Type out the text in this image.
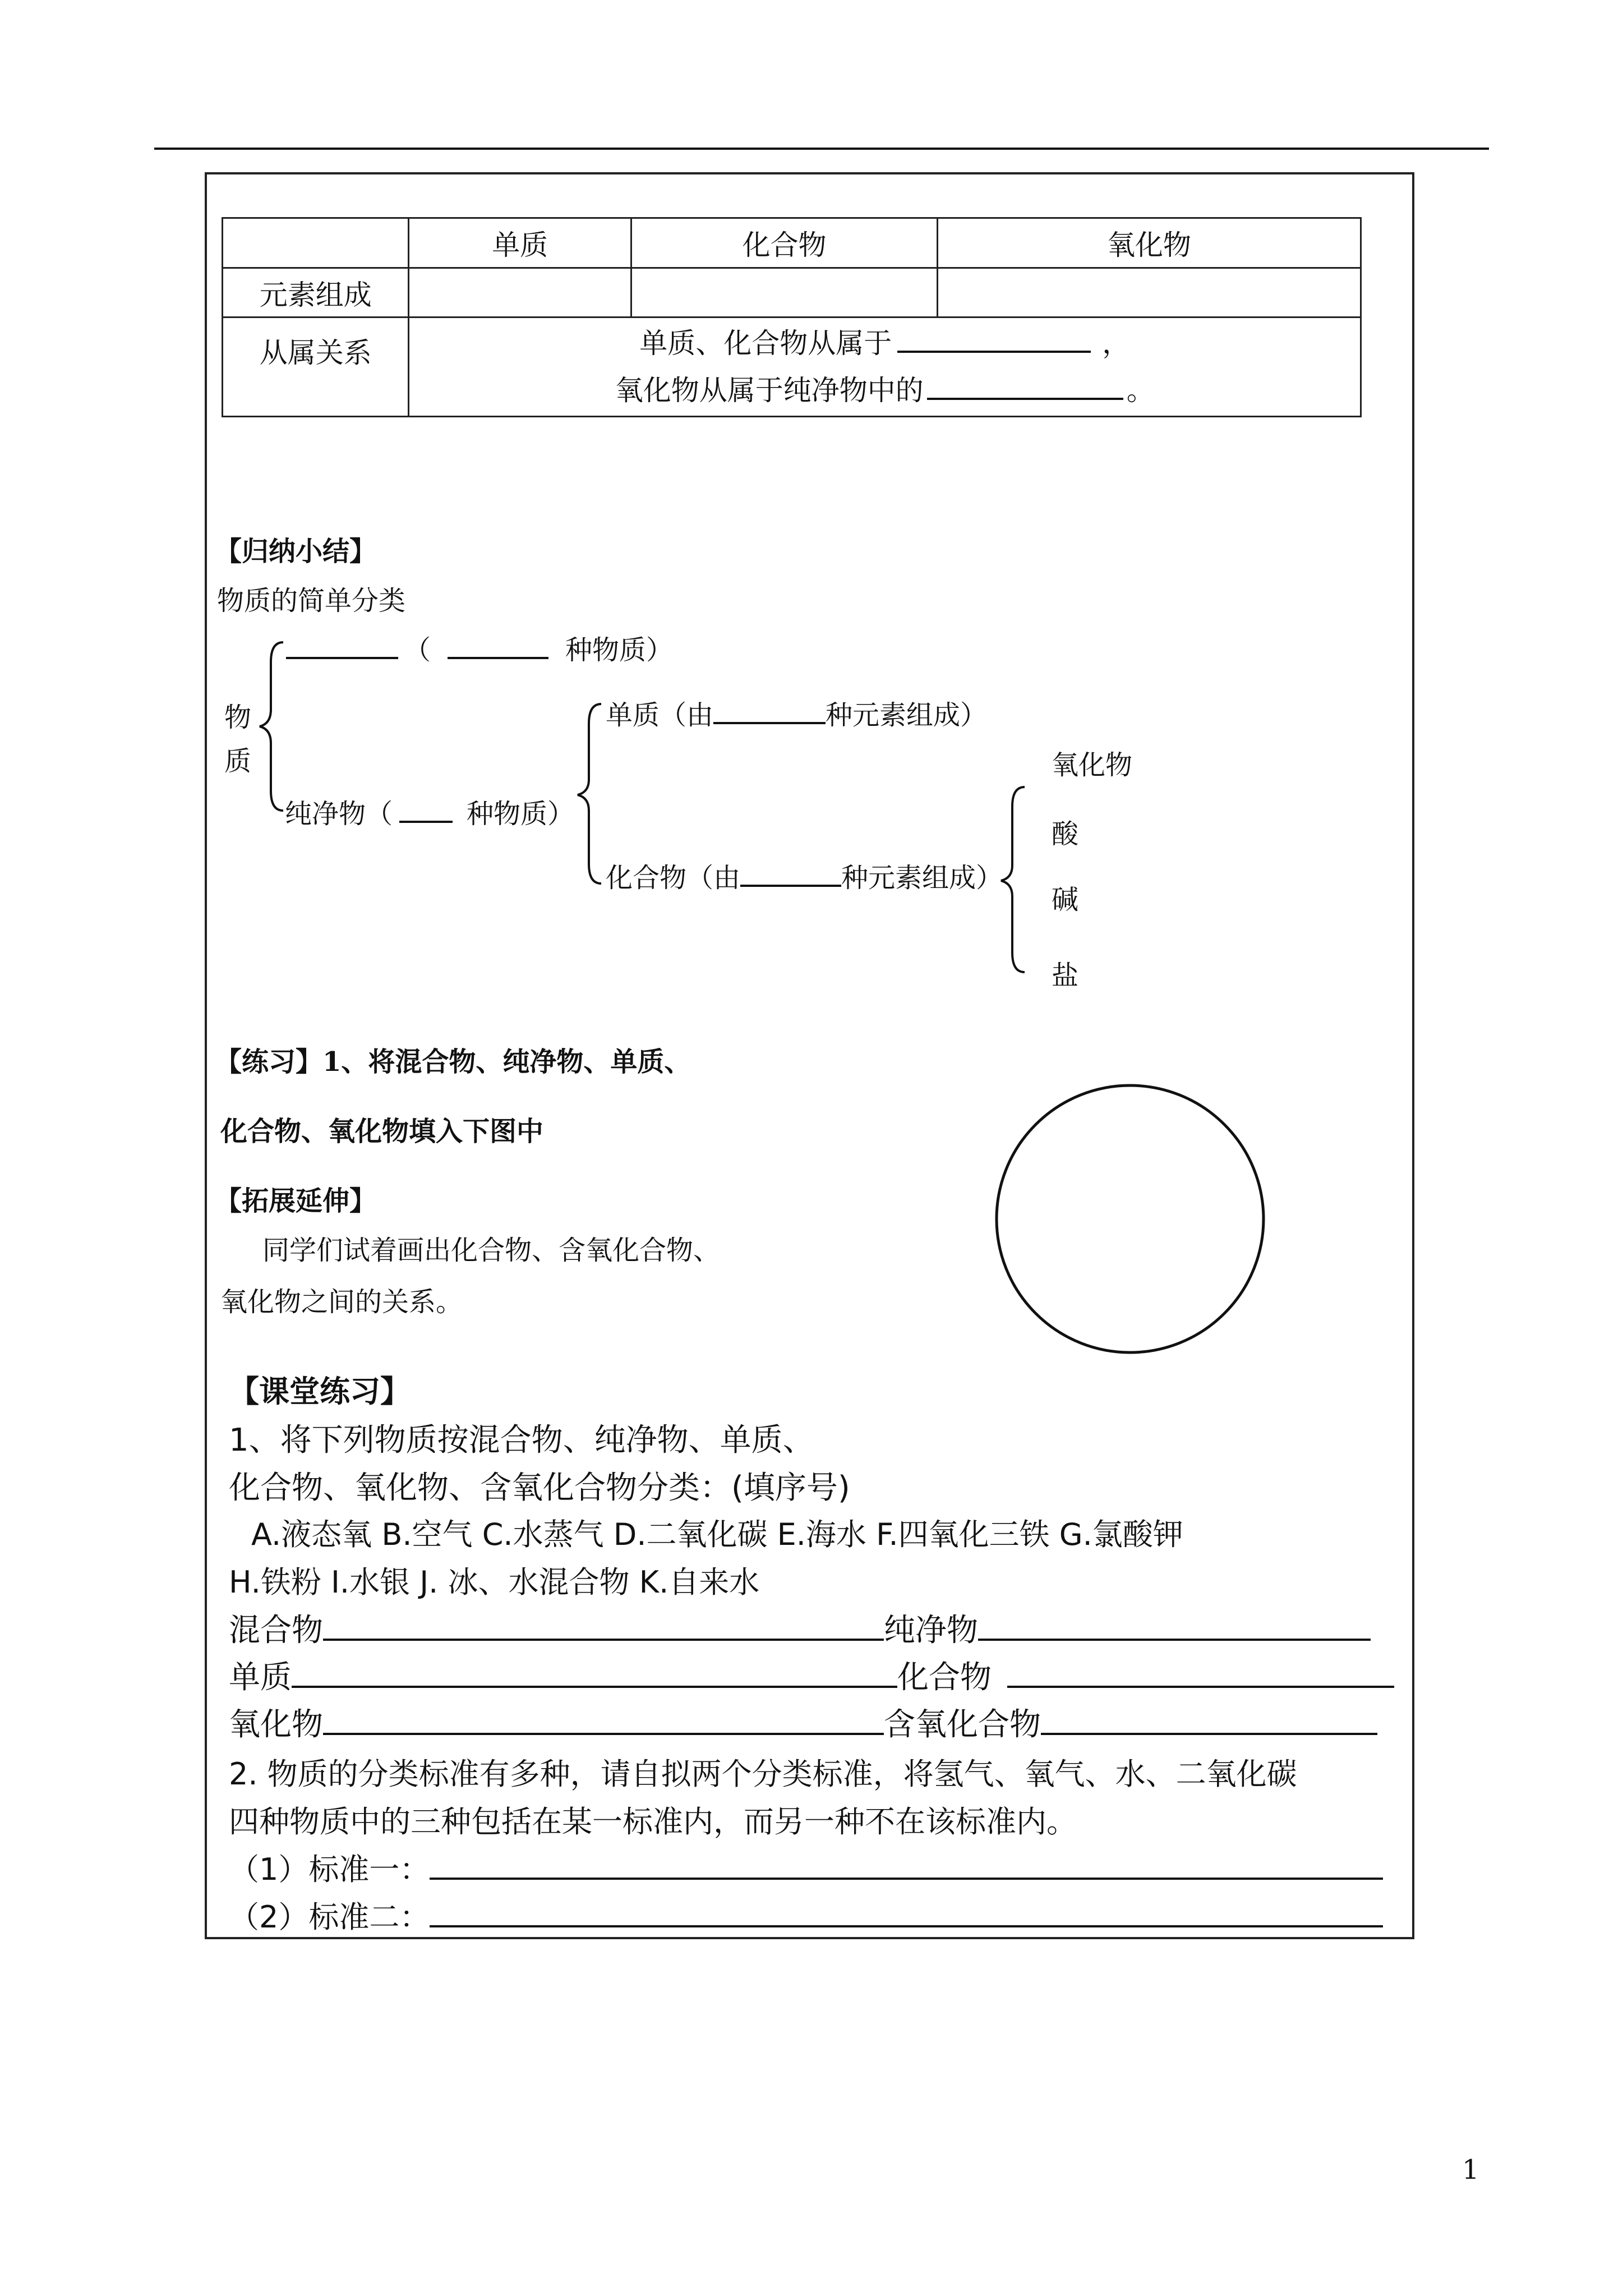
	单质	化合物	氧化物
元素组成			
从属关系	单质、化合物从属于 ，
氧化物从属于纯净物中的 。		
【归纳小结】
物质的简单分类
物
质
（	种物质）
纯净物（	种物质）
单质（由	种元素组成）
化合物（由	种元素组成）
氧化物
酸
碱
盐
【练习】1、将混合物、纯净物、单质、
化合物、氧化物填入下图中
【拓展延伸】
同学们试着画出化合物、含氧化合物、
氧化物之间的关系。
【课堂练习】
1、将下列物质按混合物、纯净物、单质、
化合物、氧化物、含氧化合物分类：(填序号)
A.液态氧 B.空气 C.水蒸气 D.二氧化碳 E.海水 F.四氧化三铁 G.氯酸钾
H.铁粉 I.水银 J. 冰、水混合物 K.自来水
混合物	纯净物
单质	化合物
氧化物	含氧化合物
2. 物质的分类标准有多种，请自拟两个分类标准，将氢气、氧气、水、二氧化碳
四种物质中的三种包括在某一标准内，而另一种不在该标准内。
（1）标准一：
（2）标准二：
1
